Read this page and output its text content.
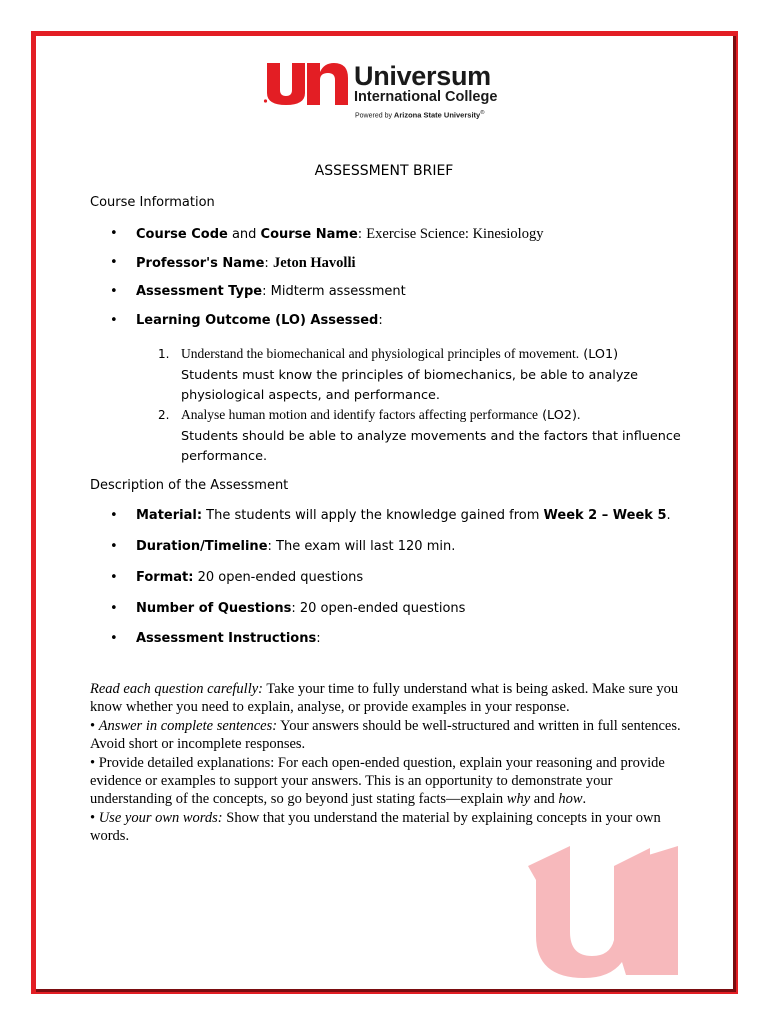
Universum
International College
Powered by Arizona State University®
ASSESSMENT BRIEF
Course Information
• Course Code and Course Name: Exercise Science: Kinesiology
• Professor's Name: Jeton Havolli
• Assessment Type: Midterm assessment
• Learning Outcome (LO) Assessed:
1. Understand the biomechanical and physiological principles of movement. (LO1)
Students must know the principles of biomechanics, be able to analyze
physiological aspects, and performance.
2. Analyse human motion and identify factors affecting performance (LO2).
Students should be able to analyze movements and the factors that influence
performance.
Description of the Assessment
• Material: The students will apply the knowledge gained from Week 2 – Week 5.
• Duration/Timeline: The exam will last 120 min.
• Format: 20 open-ended questions
• Number of Questions: 20 open-ended questions
• Assessment Instructions:

Read each question carefully: Take your time to fully understand what is being asked. Make sure you know whether you need to explain, analyse, or provide examples in your response.

• Answer in complete sentences: Your answers should be well-structured and written in full sentences. Avoid short or incomplete responses.

• Provide detailed explanations: For each open-ended question, explain your reasoning and provide evidence or examples to support your answers. This is an opportunity to demonstrate your understanding of the concepts, so go beyond just stating facts—explain why and how.

• Use your own words: Show that you understand the material by explaining concepts in your own words.
